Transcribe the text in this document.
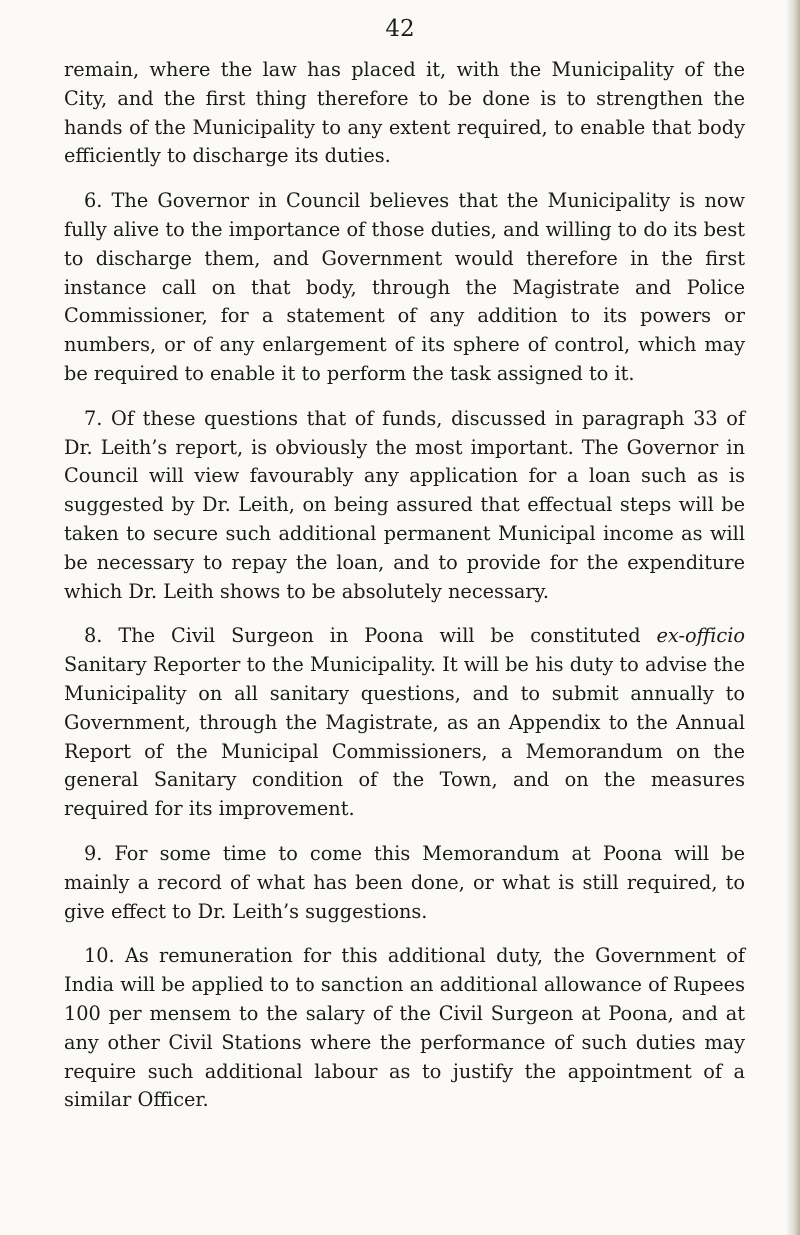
42

remain, where the law has placed it, with the Municipality of the City, and the first thing therefore to be done is to strengthen the hands of the Municipality to any extent required, to enable that body efficiently to discharge its duties.

6. The Governor in Council believes that the Municipality is now fully alive to the importance of those duties, and willing to do its best to discharge them, and Government would therefore in the first instance call on that body, through the Magistrate and Police Commissioner, for a statement of any addition to its powers or numbers, or of any enlargement of its sphere of control, which may be required to enable it to perform the task assigned to it.

7. Of these questions that of funds, discussed in paragraph 33 of Dr. Leith’s report, is obviously the most important. The Governor in Council will view favourably any application for a loan such as is suggested by Dr. Leith, on being assured that effectual steps will be taken to secure such additional permanent Municipal income as will be necessary to repay the loan, and to provide for the expenditure which Dr. Leith shows to be absolutely necessary.

8. The Civil Surgeon in Poona will be constituted ex-officio Sanitary Reporter to the Municipality. It will be his duty to advise the Municipality on all sanitary questions, and to submit annually to Government, through the Magistrate, as an Appendix to the Annual Report of the Municipal Commissioners, a Memorandum on the general Sanitary condition of the Town, and on the measures required for its improvement.

9. For some time to come this Memorandum at Poona will be mainly a record of what has been done, or what is still required, to give effect to Dr. Leith’s suggestions.

10. As remuneration for this additional duty, the Government of India will be applied to to sanction an additional allowance of Rupees 100 per mensem to the salary of the Civil Surgeon at Poona, and at any other Civil Stations where the performance of such duties may require such additional labour as to justify the appointment of a similar Officer.
